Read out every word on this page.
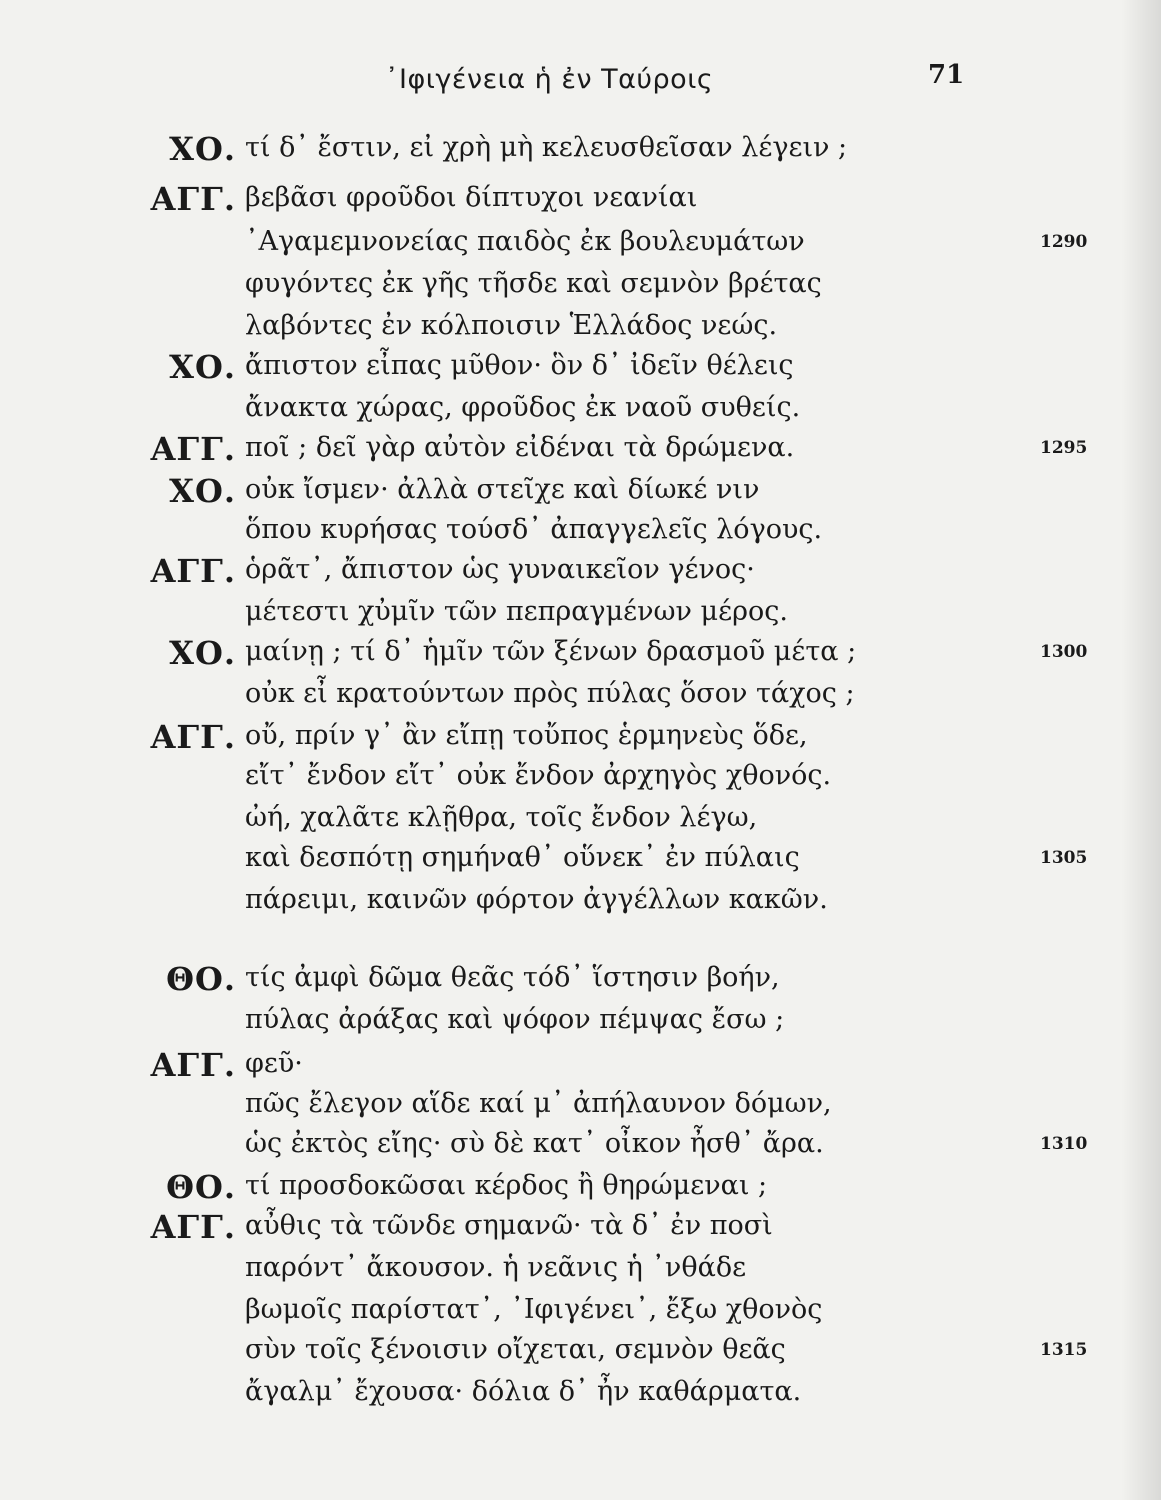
᾿Ιφιγένεια ἡ ἐν Ταύροις	71
ΧΟ. τί δ᾿ ἔστιν, εἰ χρὴ μὴ κελευσθεῖσαν λέγειν ;
ΑΓΓ. βεβᾶσι φροῦδοι δίπτυχοι νεανίαι
᾿Αγαμεμνονείας παιδὸς ἐκ βουλευμάτων	1290
φυγόντες ἐκ γῆς τῆσδε καὶ σεμνὸν βρέτας
λαβόντες ἐν κόλποισιν Ἑλλάδος νεώς.
ΧΟ. ἄπιστον εἶπας μῦθον· ὃν δ᾿ ἰδεῖν θέλεις
ἄνακτα χώρας, φροῦδος ἐκ ναοῦ συθείς.
ΑΓΓ. ποῖ ; δεῖ γὰρ αὐτὸν εἰδέναι τὰ δρώμενα.	1295
ΧΟ. οὐκ ἴσμεν· ἀλλὰ στεῖχε καὶ δίωκέ νιν
ὅπου κυρήσας τούσδ᾿ ἀπαγγελεῖς λόγους.
ΑΓΓ. ὁρᾶτ᾿, ἄπιστον ὡς γυναικεῖον γένος·
μέτεστι χὐμῖν τῶν πεπραγμένων μέρος.
ΧΟ. μαίνῃ ; τί δ᾿ ἡμῖν τῶν ξένων δρασμοῦ μέτα ;	1300
οὐκ εἶ κρατούντων πρὸς πύλας ὅσον τάχος ;
ΑΓΓ. οὔ, πρίν γ᾿ ἂν εἴπῃ τοὔπος ἑρμηνεὺς ὅδε,
εἴτ᾿ ἔνδον εἴτ᾿ οὐκ ἔνδον ἀρχηγὸς χθονός.
ὠή, χαλᾶτε κλῇθρα, τοῖς ἔνδον λέγω,
καὶ δεσπότῃ σημήναθ᾿ οὕνεκ᾿ ἐν πύλαις	1305
πάρειμι, καινῶν φόρτον ἀγγέλλων κακῶν.
ΘΟ. τίς ἀμφὶ δῶμα θεᾶς τόδ᾿ ἵστησιν βοήν,
πύλας ἀράξας καὶ ψόφον πέμψας ἔσω ;
ΑΓΓ. φεῦ·
πῶς ἔλεγον αἵδε καί μ᾿ ἀπήλαυνον δόμων,
ὡς ἐκτὸς εἴης· σὺ δὲ κατ᾿ οἶκον ἦσθ᾿ ἄρα.	1310
ΘΟ. τί προσδοκῶσαι κέρδος ἢ θηρώμεναι ;
ΑΓΓ. αὖθις τὰ τῶνδε σημανῶ· τὰ δ᾿ ἐν ποσὶ
παρόντ᾿ ἄκουσον. ἡ νεᾶνις ἡ ᾿νθάδε
βωμοῖς παρίστατ᾿, ᾿Ιφιγένει᾿, ἔξω χθονὸς
σὺν τοῖς ξένοισιν οἴχεται, σεμνὸν θεᾶς	1315
ἄγαλμ᾿ ἔχουσα· δόλια δ᾿ ἦν καθάρματα.
